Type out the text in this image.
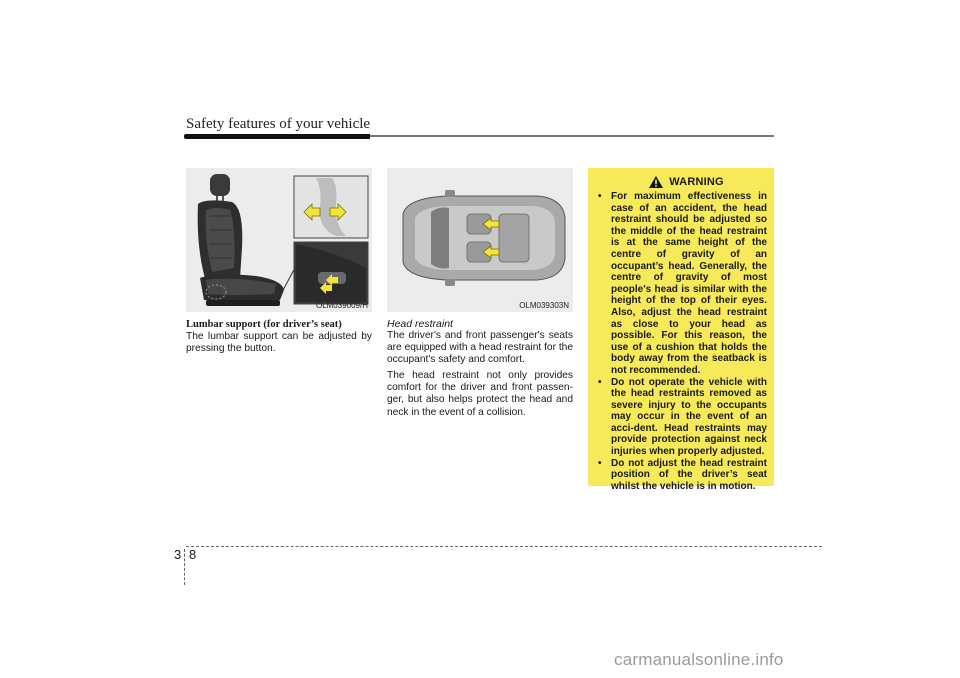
Safety features of your vehicle
OLM039009/H	OLM039303N
Lumbar support (for driver’s seat)

The lumbar support can be adjusted by pressing the button.

Head restraint

The driver's and front passenger's seats are equipped with a head restraint for the occupant's safety and comfort.

The head restraint not only provides comfort for the driver and front passen-ger, but also helps protect the head and neck in the event of a collision.

WARNING
• For maximum effectiveness in case of an accident, the head restraint should be adjusted so the middle of the head restraint is at the same height of the centre of gravity of an occupant’s head. Generally, the centre of gravity of most people's head is similar with the height of the top of their eyes. Also, adjust the head restraint as close to your head as possible. For this reason, the use of a cushion that holds the body away from the seatback is not recommended.
• Do not operate the vehicle with the head restraints removed as severe injury to the occupants may occur in the event of an acci-dent. Head restraints may provide protection against neck injuries when properly adjusted.
• Do not adjust the head restraint position of the driver’s seat whilst the vehicle is in motion.
3 8
carmanualsonline.info
